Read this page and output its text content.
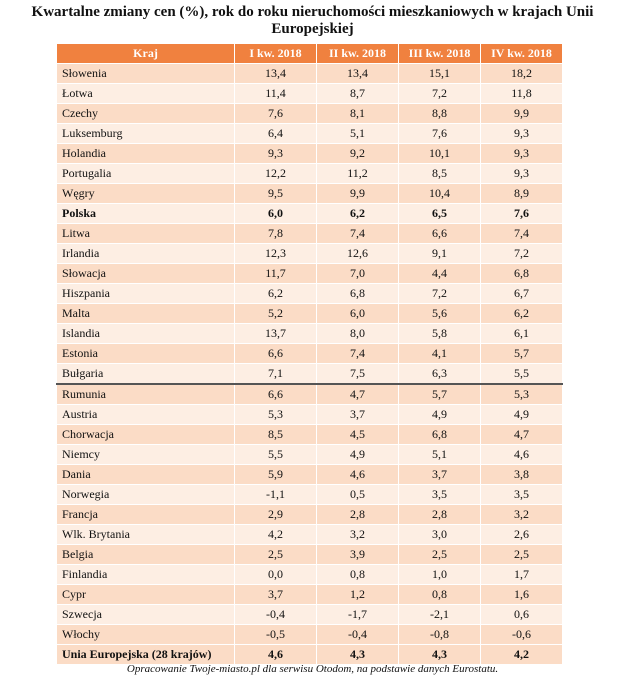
Kwartalne zmiany cen (%), rok do roku nieruchomości mieszkaniowych w krajach Unii Europejskiej
Kraj	I kw. 2018	II kw. 2018	III kw. 2018	IV kw. 2018
Słowenia	13,4	13,4	15,1	18,2
Łotwa	11,4	8,7	7,2	11,8
Czechy	7,6	8,1	8,8	9,9
Luksemburg	6,4	5,1	7,6	9,3
Holandia	9,3	9,2	10,1	9,3
Portugalia	12,2	11,2	8,5	9,3
Węgry	9,5	9,9	10,4	8,9
Polska	6,0	6,2	6,5	7,6
Litwa	7,8	7,4	6,6	7,4
Irlandia	12,3	12,6	9,1	7,2
Słowacja	11,7	7,0	4,4	6,8
Hiszpania	6,2	6,8	7,2	6,7
Malta	5,2	6,0	5,6	6,2
Islandia	13,7	8,0	5,8	6,1
Estonia	6,6	7,4	4,1	5,7
Bułgaria	7,1	7,5	6,3	5,5
Rumunia	6,6	4,7	5,7	5,3
Austria	5,3	3,7	4,9	4,9
Chorwacja	8,5	4,5	6,8	4,7
Niemcy	5,5	4,9	5,1	4,6
Dania	5,9	4,6	3,7	3,8
Norwegia	-1,1	0,5	3,5	3,5
Francja	2,9	2,8	2,8	3,2
Wlk. Brytania	4,2	3,2	3,0	2,6
Belgia	2,5	3,9	2,5	2,5
Finlandia	0,0	0,8	1,0	1,7
Cypr	3,7	1,2	0,8	1,6
Szwecja	-0,4	-1,7	-2,1	0,6
Włochy	-0,5	-0,4	-0,8	-0,6
Unia Europejska (28 krajów)	4,6	4,3	4,3	4,2
Opracowanie Twoje-miasto.pl dla serwisu Otodom, na podstawie danych Eurostatu.
